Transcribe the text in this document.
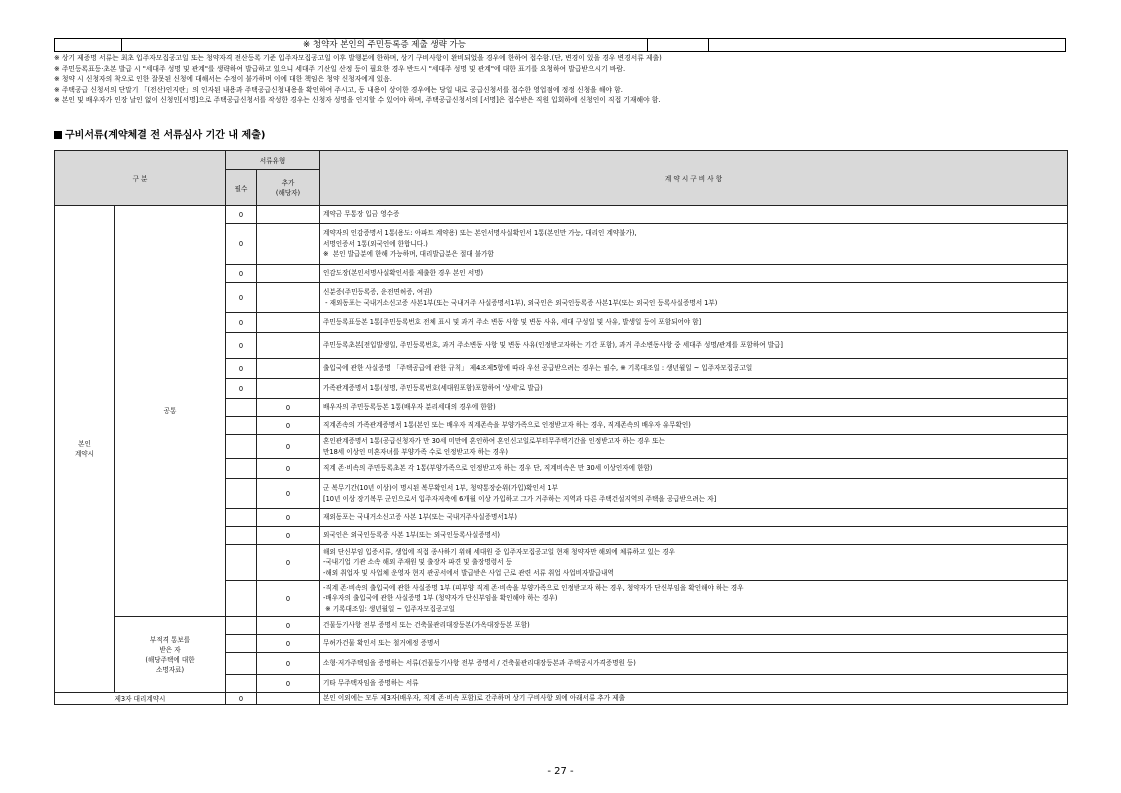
※ 청약자 본인의 주민등록증 제출 생략 가능
※ 상기 제증명 서류는 최초 입주자모집공고일 또는 청약자격 전산등록 기준 입주자모집공고일 이후 발행분에 한하며, 상기 구비사항이 완비되었을 경우에 한하여 접수함.(단, 변경이 있을 경우 변경서류 제출)
※ 주민등록표등·초본 발급 시 "세대주 성명 및 관계"를 생략하여 발급하고 있으니 세대주 기산일 산정 등이 필요한 경우 반드시 "세대주 성명 및 관계"에 대한 표기를 요청하여 발급받으시기 바람.
※ 청약 시 신청자의 착오로 인한 잘못된 신청에 대해서는 수정이 불가하며 이에 대한 책임은 청약 신청자에게 있음.
※ 주택공급 신청서의 단말기 「(전산)인지란」의 인자된 내용과 주택공급신청내용을 확인하여 주시고, 동 내용이 상이한 경우에는 당일 내로 공급신청서를 접수한 영업점에 정정 신청을 해야 함.
※ 본인 및 배우자가 인장 날인 없이 신청인[서명]으로 주택공급신청서를 작성한 경우는 신청자 성명을 인지할 수 있어야 하며, 주택공급신청서의 [서명]은 접수받은 직원 입회하에 신청인이 직접 기재해야 함.
구비서류(계약체결 전 서류심사 기간 내 제출)
구 분		서류유형		계 약 시 구 비 사 항
		필수	추가
(해당자)	
본인
계약시	공통	0		계약금 무통장 입금 영수증
		0		계약자의 인감증명서 1통(용도: 아파트 계약용) 또는 본인서명사실확인서 1통(본인만 가능, 대리인 계약불가),
서명인증서 1통(외국인에 한합니다.)
※  본인 발급분에 한해 가능하며, 대리발급분은 절대 불가함
		0		인감도장(본인서명사실확인서를 제출한 경우 본인 서명)
		0		신분증(주민등록증, 운전면허증, 여권)
- 재외동포는 국내거소신고증 사본1부(또는 국내거주 사실증명서1부), 외국인은 외국인등록증 사본1부(또는 외국인 등록사실증명서 1부)
		0		주민등록표등본 1통[주민등록번호 전체 표시 및 과거 주소 변동 사항 및 변동 사유, 세대 구성일 및 사유, 발생일 등이 포함되어야 함]
		0		주민등록초본[전입발생일, 주민등록번호, 과거 주소변동 사항 및 변동 사유(인정받고자하는 기간 포함), 과거 주소변동사항 중 세대주 성명/관계를 포함하여 발급]
		0		출입국에 관한 사실증명 「주택공급에 관한 규칙」 제4조제5항에 따라 우선 공급받으려는 경우는 필수, ※ 기록대조일 : 생년월일 ~ 입주자모집공고일
		0		가족관계증명서 1통(성명, 주민등록번호(세대원포함)포함하여 '상세'로 발급)
			0	배우자의 주민등록등본 1통(배우자 분리세대의 경우에 한함)
			0	직계존속의 가족관계증명서 1통(본인 또는 배우자 직계존속을 부양가족으로 인정받고자 하는 경우, 직계존속의 배우자 유무확인)
			0	혼인관계증명서 1통(공급신청자가 만 30세 미만에 혼인하여 혼인신고일로부터무주택기간을 인정받고자 하는 경우 또는
만18세 이상인 미혼자녀를 부양가족 수로 인정받고자 하는 경우)
			0	직계 존·비속의 주민등록초본 각 1통(부양가족으로 인정받고자 하는 경우 단, 직계비속은 만 30세 이상인자에 한함)
			0	군 복무기간(10년 이상)이 명시된 복무확인서 1부, 청약통장순위(가입)확인서 1부
[10년 이상 장기복무 군인으로서 입주자저축에 6개월 이상 가입하고 그가 거주하는 지역과 다른 주택건설지역의 주택을 공급받으려는 자]
			0	재외동포는 국내거소신고증 사본 1부(또는 국내거주사실증명서1부)
			0	외국인은 외국인등록증 사본 1부(또는 외국인등록사실증명서)
			0	해외 단신부임 입증서류, 생업에 직접 종사하기 위해 세대원 중 입주자모집공고일 현재 청약자만 해외에 체류하고 있는 경우
-국내기업 기관 소속 해외 주재원 및 출장자 파견 및 출장명령서 등
-해외 취업자 및 사업체 운영자 현지 관공서에서 발급받은 사업 근로 관련 서류 취업 사업비자발급내역
			0	-직계 존·비속의 출입국에 관한 사실증명 1부 (피부양 직계 존·비속을 부양가족으로 인정받고자 하는 경우, 청약자가 단신부임을 확인해야 하는 경우
-배우자의 출입국에 관한 사실증명 1부 (청약자가 단신부임을 확인해야 하는 경우)
※ 기록대조일: 생년월일 ~ 입주자모집공고일
	부적격 통보를
받은 자
(해당주택에 대한
소명자료)		0	건물등기사항 전부 증명서 또는 건축물관리대장등본(가옥대장등본 포함)
			0	무허가건물 확인서 또는 철거예정 증명서
			0	소형·저가주택임을 증명하는 서류(건물등기사항 전부 증명서 / 건축물관리대장등본과 주택공시가격증명원 등)
			0	기타 무주택자임을 증명하는 서류
제3자 대리계약시		0		본인 이외에는 모두 제3자(배우자, 직계 존·비속 포함)로 간주하며 상기 구비사항 외에 아래서류 추가 제출
- 27 -
